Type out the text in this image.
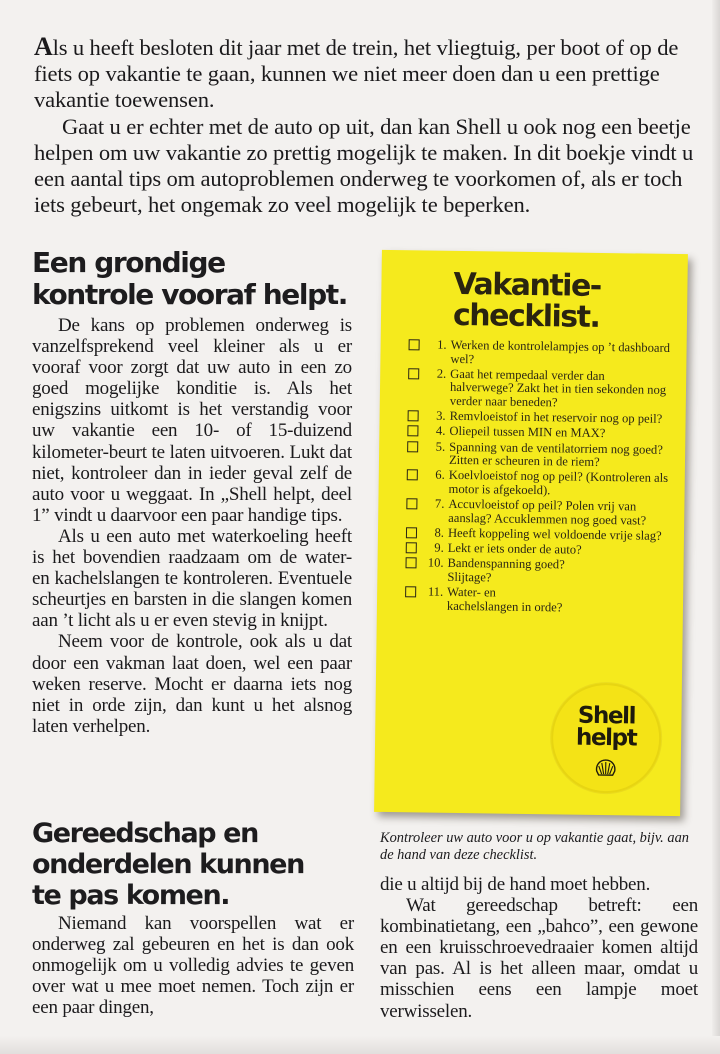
Als u heeft besloten dit jaar met de trein, het vliegtuig, per boot of op de fiets op vakantie te gaan, kunnen we niet meer doen dan u een prettige vakantie toewensen.

Gaat u er echter met de auto op uit, dan kan Shell u ook nog een beetje helpen om uw vakantie zo prettig mogelijk te maken. In dit boekje vindt u een aantal tips om autoproblemen onderweg te voorkomen of, als er toch iets gebeurt, het ongemak zo veel mogelijk te beperken.

Een grondige
kontrole vooraf helpt.

De kans op problemen onderweg is vanzelfsprekend veel kleiner als u er vooraf voor zorgt dat uw auto in een zo goed mogelijke konditie is. Als het enigszins uitkomt is het verstandig voor uw vakantie een 10- of 15-duizend kilometer-beurt te laten uitvoeren. Lukt dat niet, kontroleer dan in ieder geval zelf de auto voor u weggaat. In „Shell helpt, deel 1” vindt u daarvoor een paar handige tips.

Als u een auto met waterkoeling heeft is het bovendien raadzaam om de water- en kachelslangen te kontroleren. Eventuele scheurtjes en barsten in die slangen komen aan ’t licht als u er even stevig in knijpt.

Neem voor de kontrole, ook als u dat door een vakman laat doen, wel een paar weken reserve. Mocht er daarna iets nog niet in orde zijn, dan kunt u het alsnog laten verhelpen.

Vakantie-
checklist.
1. Werken de kontrolelampjes op ’t dashboard wel?
2. Gaat het rempedaal verder dan halverwege? Zakt het in tien sekonden nog verder naar beneden?
3. Remvloeistof in het reservoir nog op peil?
4. Oliepeil tussen MIN en MAX?
5. Spanning van de ventilatorriem nog goed? Zitten er scheuren in de riem?
6. Koelvloeistof nog op peil? (Kontroleren als motor is afgekoeld).
7. Accuvloeistof op peil? Polen vrij van aanslag? Accuklemmen nog goed vast?
8. Heeft koppeling wel voldoende vrije slag?
9. Lekt er iets onder de auto?
10. Bandenspanning goed? Slijtage?
11. Water- en kachelslangen in orde?
Shell
helpt
Kontroleer uw auto voor u op vakantie gaat, bijv. aan de hand van deze checklist.
Gereedschap en
onderdelen kunnen
te pas komen.

Niemand kan voorspellen wat er onderweg zal gebeuren en het is dan ook onmogelijk om u volledig advies te geven over wat u mee moet nemen. Toch zijn er een paar dingen,

die u altijd bij de hand moet hebben.

Wat gereedschap betreft: een kombinatietang, een „bahco”, een gewone en een kruisschroevedraaier komen altijd van pas. Al is het alleen maar, omdat u misschien eens een lampje moet verwisselen.
